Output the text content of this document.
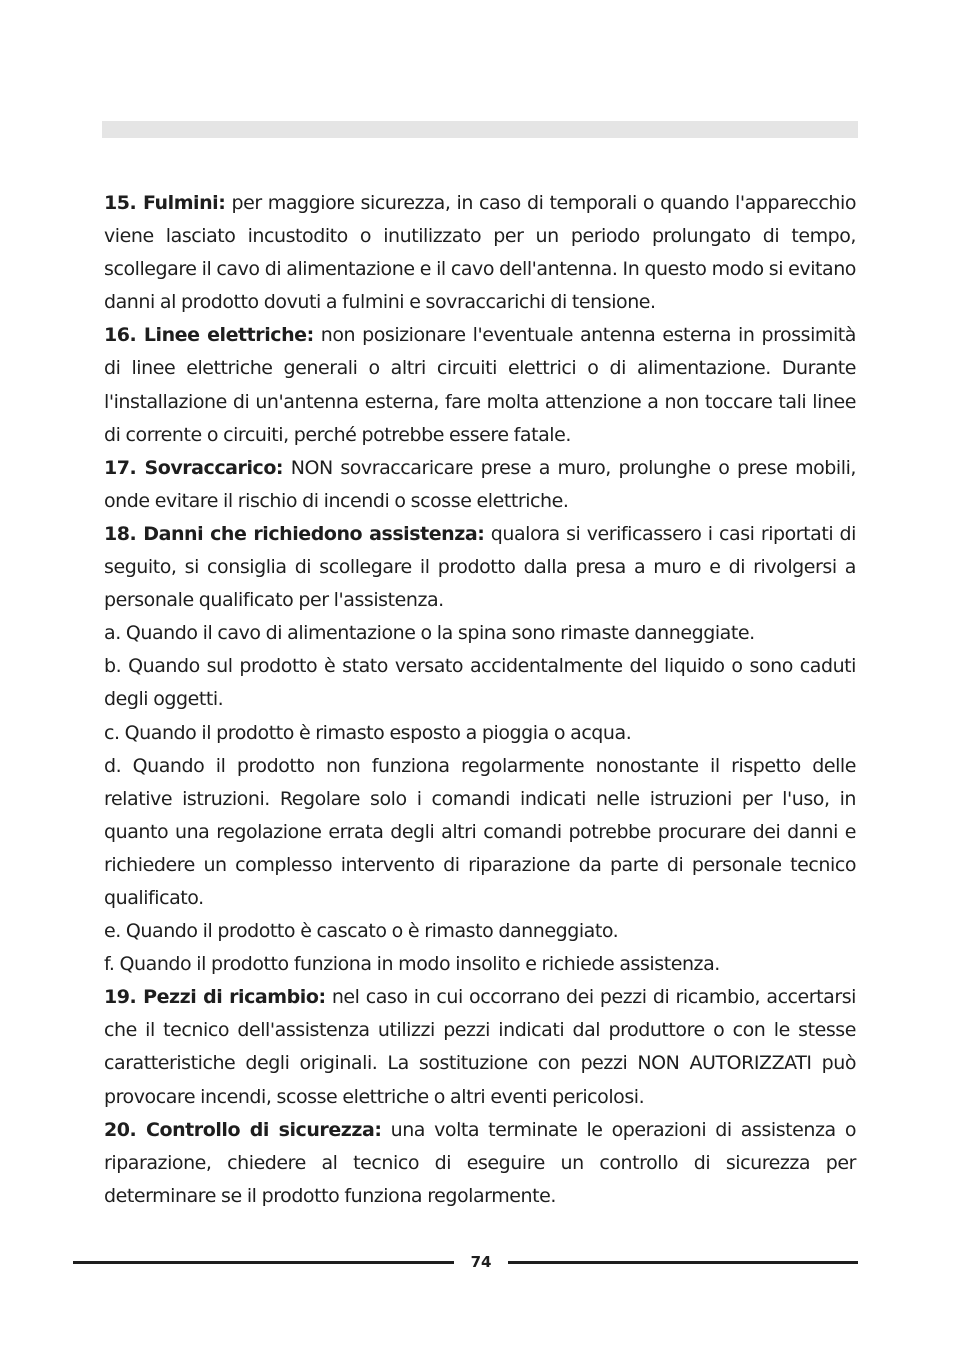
15. Fulmini: per maggiore sicurezza, in caso di temporali o quando l'apparecchio viene lasciato incustodito o inutilizzato per un periodo prolungato di tempo, scollegare il cavo di alimentazione e il cavo dell'antenna. In questo modo si evitano danni al prodotto dovuti a fulmini e sovraccarichi di tensione.

16. Linee elettriche: non posizionare l'eventuale antenna esterna in prossimità di linee elettriche generali o altri circuiti elettrici o di alimentazione. Durante l'installazione di un'antenna esterna, fare molta attenzione a non toccare tali linee di corrente o circuiti, perché potrebbe essere fatale.

17. Sovraccarico: NON sovraccaricare prese a muro, prolunghe o prese mobili, onde evitare il rischio di incendi o scosse elettriche.

18. Danni che richiedono assistenza: qualora si verificassero i casi riportati di seguito, si consiglia di scollegare il prodotto dalla presa a muro e di rivolgersi a personale qualificato per l'assistenza.

a. Quando il cavo di alimentazione o la spina sono rimaste danneggiate.

b. Quando sul prodotto è stato versato accidentalmente del liquido o sono caduti degli oggetti.

c. Quando il prodotto è rimasto esposto a pioggia o acqua.

d. Quando il prodotto non funziona regolarmente nonostante il rispetto delle relative istruzioni. Regolare solo i comandi indicati nelle istruzioni per l'uso, in quanto una regolazione errata degli altri comandi potrebbe procurare dei danni e richiedere un complesso intervento di riparazione da parte di personale tecnico qualificato.

e. Quando il prodotto è cascato o è rimasto danneggiato.

f. Quando il prodotto funziona in modo insolito e richiede assistenza.

19. Pezzi di ricambio: nel caso in cui occorrano dei pezzi di ricambio, accertarsi che il tecnico dell'assistenza utilizzi pezzi indicati dal produttore o con le stesse caratteristiche degli originali. La sostituzione con pezzi NON AUTORIZZATI può provocare incendi, scosse elettriche o altri eventi pericolosi.

20. Controllo di sicurezza: una volta terminate le operazioni di assistenza o riparazione, chiedere al tecnico di eseguire un controllo di sicurezza per determinare se il prodotto funziona regolarmente.

74
